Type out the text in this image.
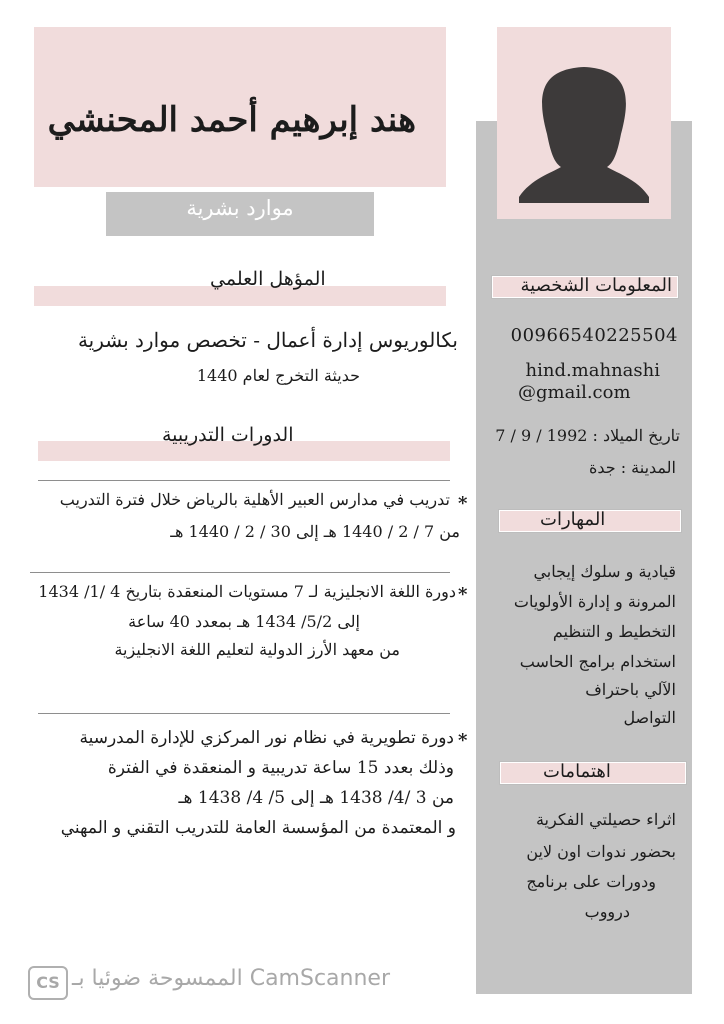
المعلومات الشخصية
00966540225504
hind.mahnashi
@gmail.com
تاريخ الميلاد : 1992 / 9 / 7
المدينة : جدة
المهارات
قيادية و سلوك إيجابي
المرونة و إدارة الأولويات
التخطيط و التنظيم
استخدام برامج الحاسب
الآلي باحتراف
التواصل
اهتمامات
اثراء حصيلتي الفكرية
بحضور ندوات اون لاين
ودورات على برنامج
درووب
هند إبرهيم أحمد المحنشي
موارد بشرية
المؤهل العلمي
بكالوريوس إدارة أعمال - تخصص موارد بشرية
حديثة التخرج لعام 1440
الدورات التدريبية
*
تدريب في مدارس العبير الأهلية بالرياض خلال فترة التدريب
من 7 / 2 / 1440 هـ إلى 30 / 2 / 1440 هـ
*
دورة اللغة الانجليزية لـ 7 مستويات المنعقدة بتاريخ 4 /1/ 1434
إلى 5/2/ 1434 هـ بمعدد 40 ساعة
من معهد الأرز الدولية لتعليم اللغة الانجليزية
*
دورة تطويرية في نظام نور المركزي للإدارة المدرسية
وذلك بعدد 15 ساعة تدريبية و المنعقدة في الفترة
من 3 /4/ 1438 هـ إلى 5/ 4/ 1438 هـ
و المعتمدة من المؤسسة العامة للتدريب التقني و المهني
CS الممسوحة ضوئيا بـ CamScanner
